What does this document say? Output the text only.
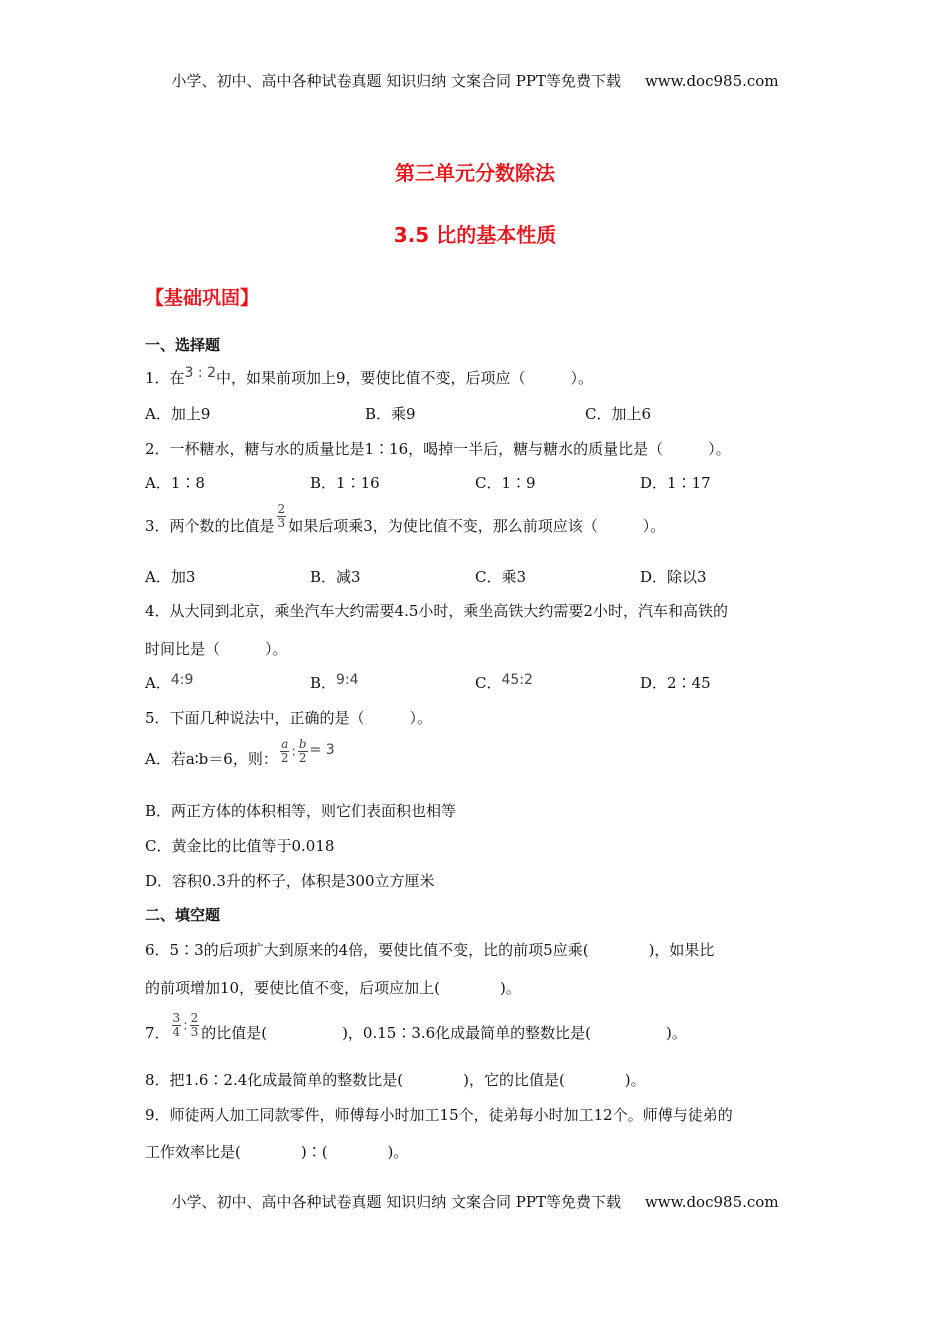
小学、初中、高中各种试卷真题 知识归纳 文案合同 PPT等免费下载 www.doc985.com
第三单元分数除法
3.5 比的基本性质
【基础巩固】
一、选择题
1．在3 : 2中，如果前项加上9，要使比值不变，后项应（　　　）。
A．加上9	B．乘9	C．加上6
2．一杯糖水，糖与水的质量比是1∶16，喝掉一半后，糖与糖水的质量比是（　　　）。
A．1∶8	B．1∶16	C．1∶9	D．1∶17
3．两个数的比值是 $\frac{2}{3}$ 如果后项乘3，为使比值不变，那么前项应该（　　　）。
A．加3	B．减3	C．乘3	D．除以3
4．从大同到北京，乘坐汽车大约需要4.5小时，乘坐高铁大约需要2小时，汽车和高铁的
时间比是（　　　）。
A．4:9	B．9:4	C．45:2	D．2∶45
5．下面几种说法中，正确的是（　　　）。
A．若a∶b＝6，则： $\frac{a}{2}$ : $\frac{b}{2} = 3$
B．两正方体的体积相等，则它们表面积也相等
C．黄金比的比值等于0.018
D．容积0.3升的杯子，体积是300立方厘米
二、填空题
6．5∶3的后项扩大到原来的4倍，要使比值不变，比的前项5应乘(　　　　)，如果比
的前项增加10，要使比值不变，后项应加上(　　　　)。
7． $\frac{3}{4}$ : $\frac{2}{3}$ 的比值是(　　　　　)，0.15∶3.6化成最简单的整数比是(　　　　　)。
8．把1.6∶2.4化成最简单的整数比是(　　　　)，它的比值是(　　　　)。
9．师徒两人加工同款零件，师傅每小时加工15个，徒弟每小时加工12个。师傅与徒弟的
工作效率比是(　　　　)∶(　　　　)。
小学、初中、高中各种试卷真题 知识归纳 文案合同 PPT等免费下载 www.doc985.com
